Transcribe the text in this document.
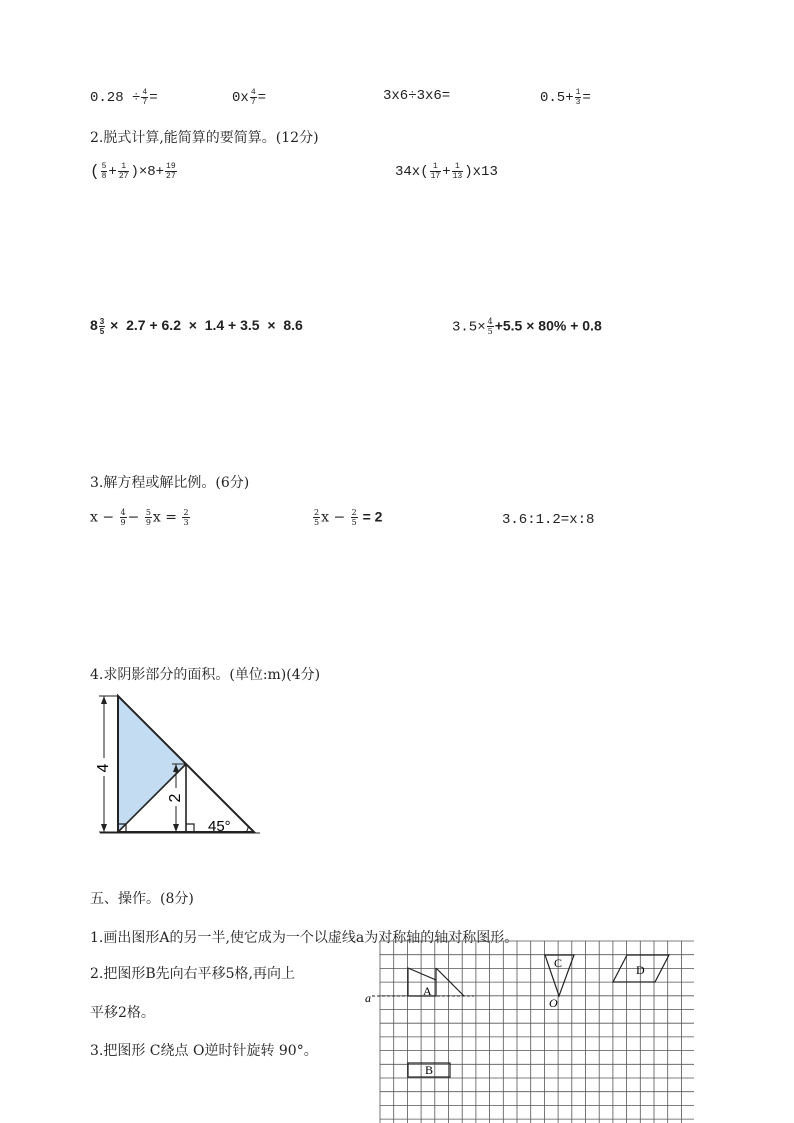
$0.28 \div \frac{4}{7}$ =	$0x \frac{4}{7}$ =	3x6÷3x6=	$0.5+ \frac{1}{3}$ =
2.脱式计算,能简算的要简算。(12分)
( $\frac{5}{8} + \frac{1}{27} )\times 8+ \frac{19}{27}$	$34x( \frac{1}{17} + \frac{1}{13} )x13$
$8 \frac{3}{5} \times 2.7 + 6.2 \times 1.4 + 3.5 \times 8.6$	$3.5\times \frac{4}{5} +5.5 \times 80\% + 0.8$
3.解方程或解比例。(6分)
$x - \frac{4}{9} - \frac{5}{9}$ $x = \frac{2}{3}$	$\frac{2}{5}$ $x - \frac{2}{5} = 2$	3.6:1.2=x:8
4.求阴影部分的面积。(单位:m)(4分)
4
2
45°
五、操作。(8分)
1.画出图形A的另一半,使它成为一个以虚线a为对称轴的轴对称图形。
2.把图形B先向右平移5格,再向上
平移2格。
3.把图形 C绕点 O逆时针旋转 90°。
a	A
B
C
O
D
